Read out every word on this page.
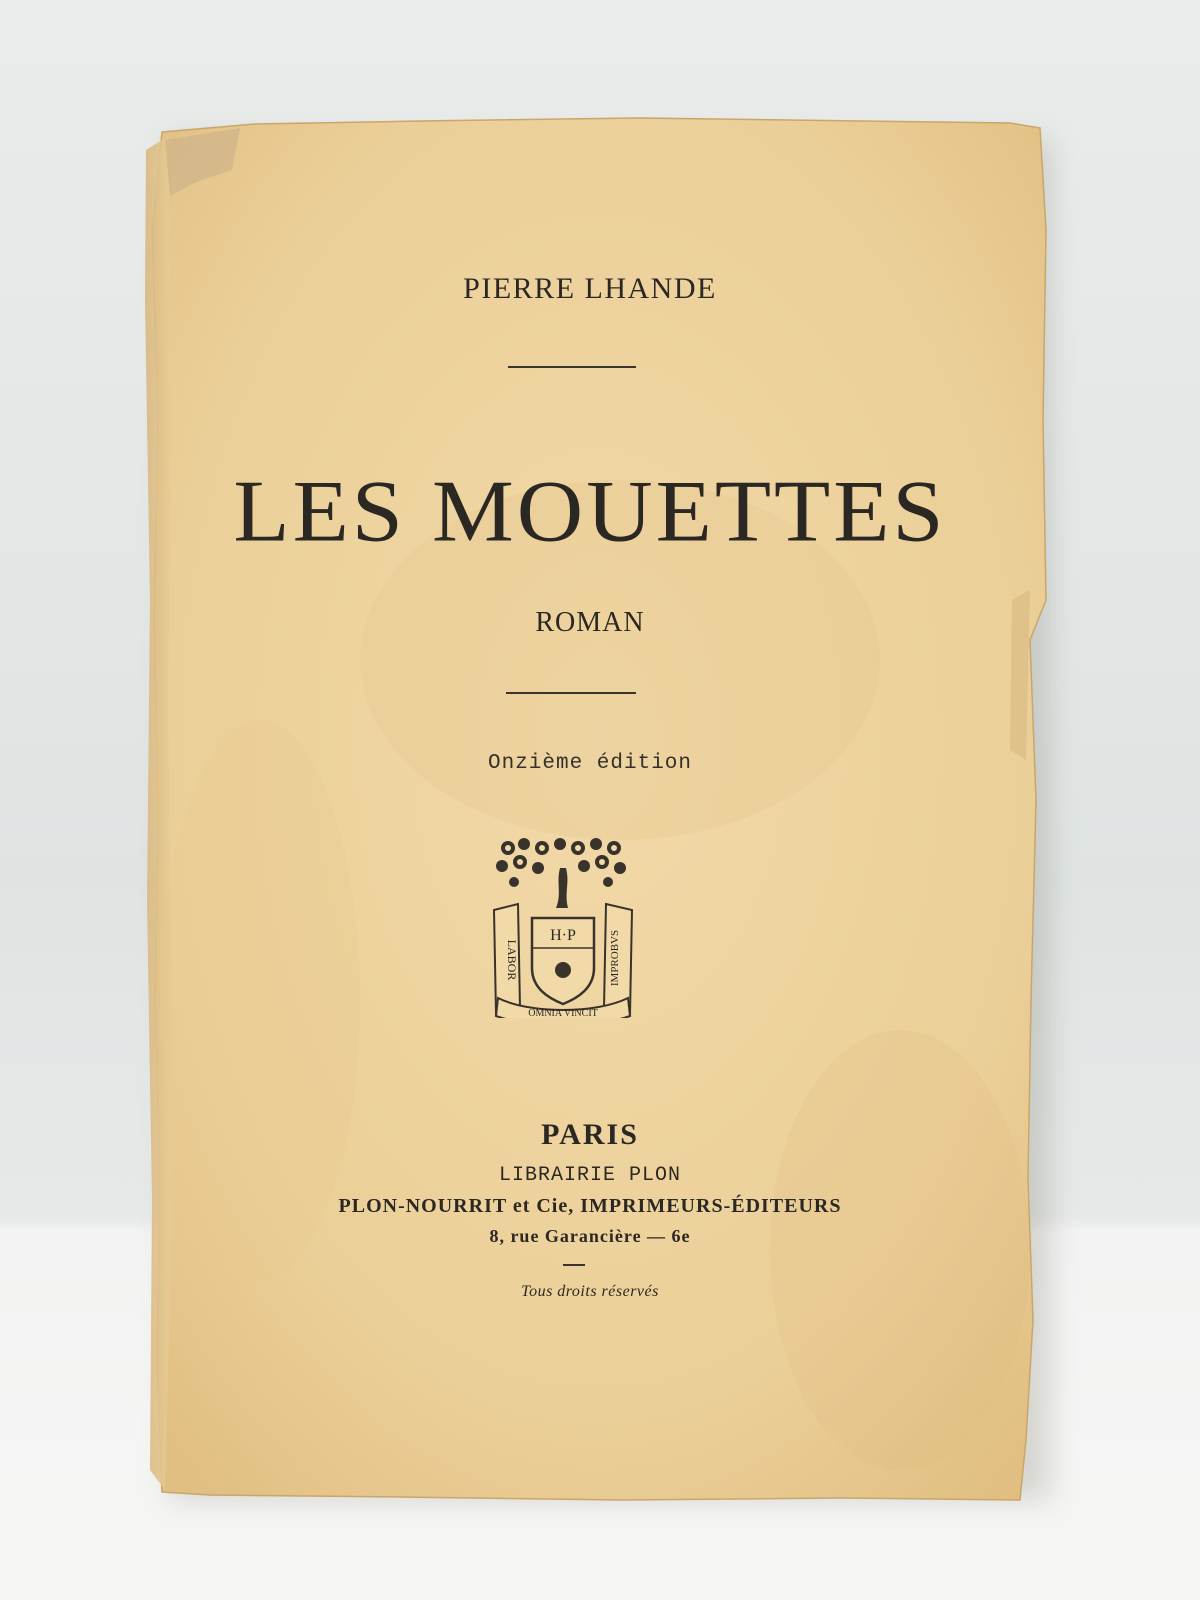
PIERRE LHANDE
LES MOUETTES
ROMAN
Onzième édition
H·P
LABOR	IMPROBVS
OMNIA VINCIT
PARIS
LIBRAIRIE PLON
PLON-NOURRIT et Cie, IMPRIMEURS-ÉDITEURS
8, rue Garancière — 6e
Tous droits réservés
